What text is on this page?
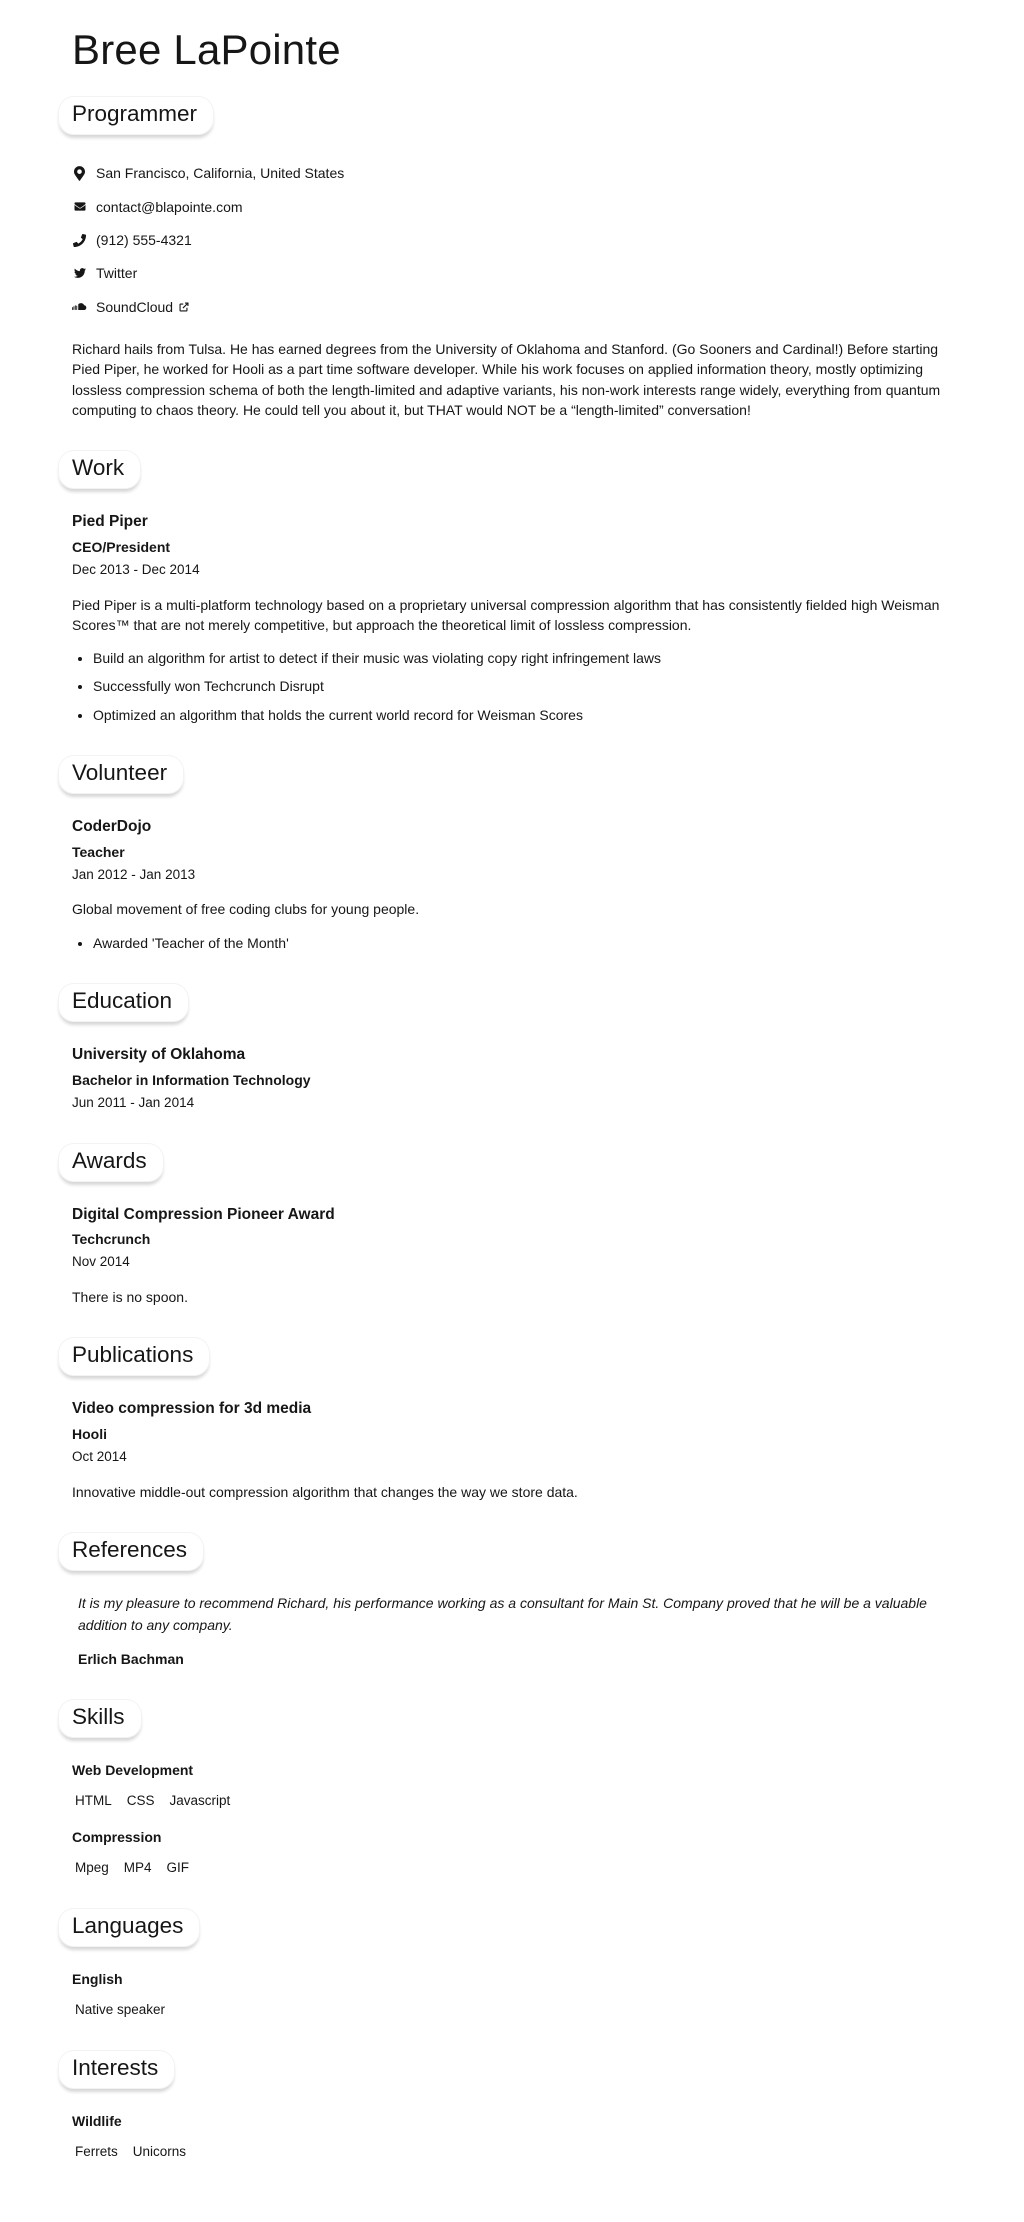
Bree LaPointe
Programmer
San Francisco, California, United States
contact@blapointe.com
(912) 555-4321
Twitter
SoundCloud

Richard hails from Tulsa. He has earned degrees from the University of Oklahoma and Stanford. (Go Sooners and Cardinal!) Before starting Pied Piper, he worked for Hooli as a part time software developer. While his work focuses on applied information theory, mostly optimizing lossless compression schema of both the length-limited and adaptive variants, his non-work interests range widely, everything from quantum computing to chaos theory. He could tell you about it, but THAT would NOT be a “length-limited” conversation!

Work
Pied Piper
CEO/President

Dec 2013 - Dec 2014

Pied Piper is a multi-platform technology based on a proprietary universal compression algorithm that has consistently fielded high Weisman Scores™ that are not merely competitive, but approach the theoretical limit of lossless compression.

• Build an algorithm for artist to detect if their music was violating copy right infringement laws
• Successfully won Techcrunch Disrupt
• Optimized an algorithm that holds the current world record for Weisman Scores
Volunteer
CoderDojo
Teacher

Jan 2012 - Jan 2013

Global movement of free coding clubs for young people.

• Awarded 'Teacher of the Month'
Education
University of Oklahoma
Bachelor in Information Technology

Jun 2011 - Jan 2014

Awards
Digital Compression Pioneer Award
Techcrunch

Nov 2014

There is no spoon.

Publications
Video compression for 3d media
Hooli

Oct 2014

Innovative middle-out compression algorithm that changes the way we store data.

References
It is my pleasure to recommend Richard, his performance working as a consultant for Main St. Company proved that he will be a valuable addition to any company.

Erlich Bachman

Skills
Web Development
HTML CSS Javascript
Compression
Mpeg MP4 GIF
Languages
English

Native speaker

Interests
Wildlife
Ferrets Unicorns
